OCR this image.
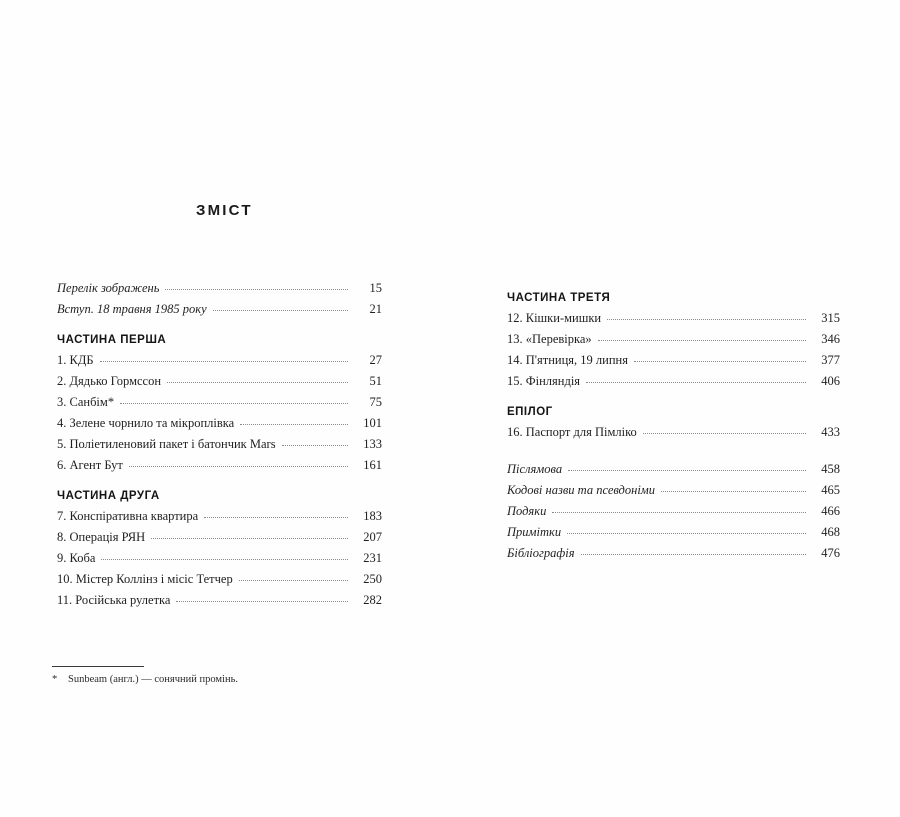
ЗМІСТ
Перелік зображень	15
Вступ. 18 травня 1985 року	21
ЧАСТИНА ПЕРША
1. КДБ	27
2. Дядько Гормссон	51
3. Санбім*	75
4. Зелене чорнило та мікроплівка	101
5. Поліетиленовий пакет і батончик Mars	133
6. Агент Бут	161
ЧАСТИНА ДРУГА
7. Конспіративна квартира	183
8. Операція РЯН	207
9. Коба	231
10. Містер Коллінз і місіс Тетчер	250
11. Російська рулетка	282
ЧАСТИНА ТРЕТЯ
12. Кішки-мишки	315
13. «Перевірка»	346
14. П'ятниця, 19 липня	377
15. Фінляндія	406
ЕПІЛОГ
16. Паспорт для Пімліко	433
Післямова	458
Кодові назви та псевдоніми	465
Подяки	466
Примітки	468
Бібліографія	476
* Sunbeam (англ.) — сонячний промінь.
